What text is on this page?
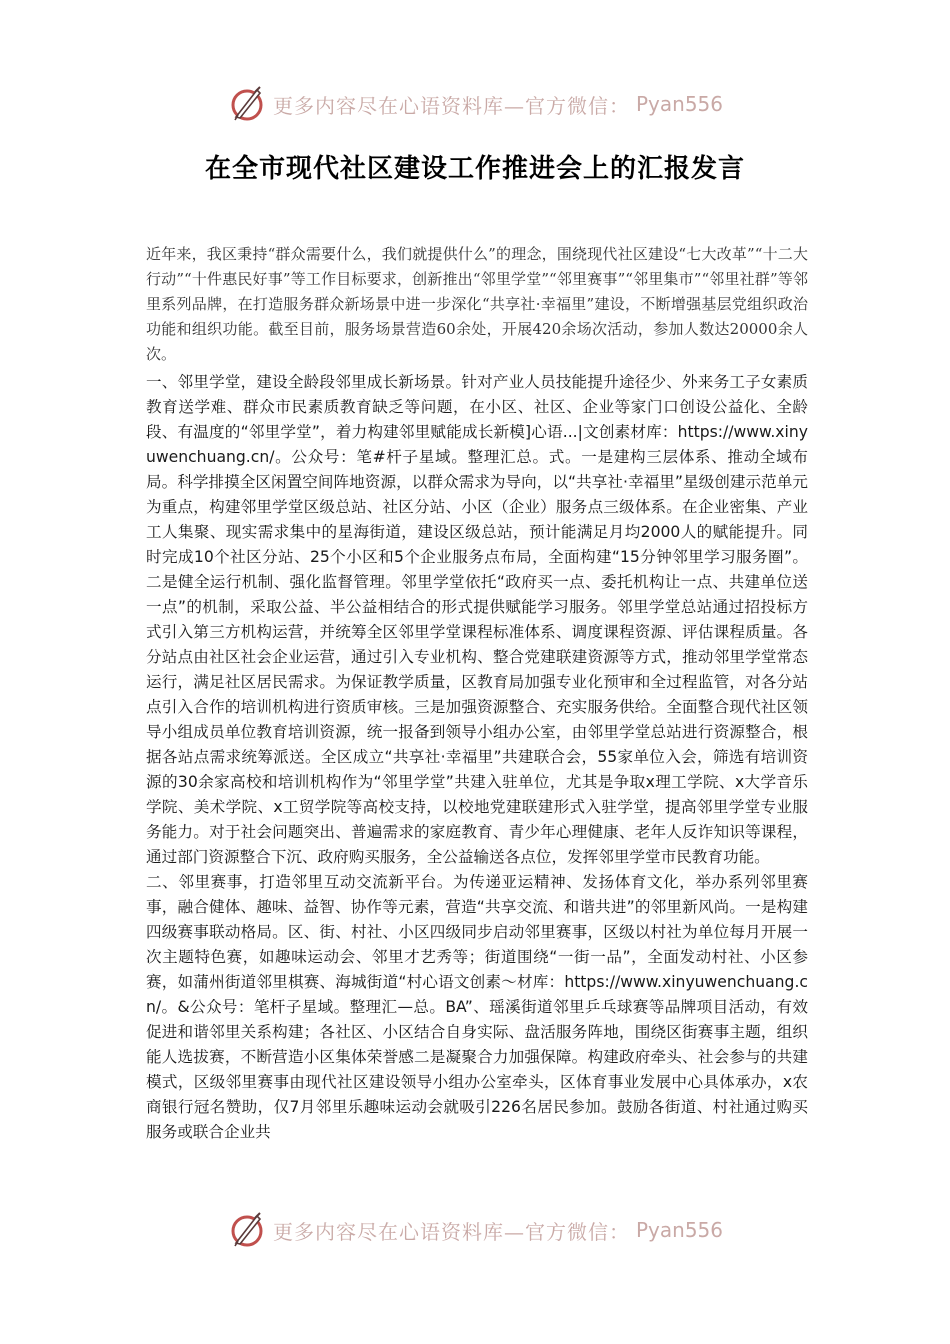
更多内容尽在心语资料库—官方微信： Pyan556
在全市现代社区建设工作推进会上的汇报发言

近年来，我区秉持“群众需要什么，我们就提供什么”的理念，围绕现代社区建设“七大改革”“十二大行动”“十件惠民好事”等工作目标要求，创新推出“邻里学堂”“邻里赛事”“邻里集市”“邻里社群”等邻里系列品牌，在打造服务群众新场景中进一步深化“共享社·幸福里”建设，不断增强基层党组织政治功能和组织功能。截至目前，服务场景营造60余处，开展420余场次活动，参加人数达20000余人次。

一、邻里学堂，建设全龄段邻里成长新场景。针对产业人员技能提升途径少、外来务工子女素质教育送学难、群众市民素质教育缺乏等问题，在小区、社区、企业等家门口创设公益化、全龄段、有温度的“邻里学堂”，着力构建邻里赋能成长新模]心语...|文创素材库：https://www.xinyuwenchuang.cn/。公众号：笔#杆子星域。整理汇总。式。一是建构三层体系、推动全域布局。科学排摸全区闲置空间阵地资源，以群众需求为导向，以“共享社·幸福里”星级创建示范单元为重点，构建邻里学堂区级总站、社区分站、小区（企业）服务点三级体系。在企业密集、产业工人集聚、现实需求集中的星海街道，建设区级总站，预计能满足月均2000人的赋能提升。同时完成10个社区分站、25个小区和5个企业服务点布局，全面构建“15分钟邻里学习服务圈”。二是健全运行机制、强化监督管理。邻里学堂依托“政府买一点、委托机构让一点、共建单位送一点”的机制，采取公益、半公益相结合的形式提供赋能学习服务。邻里学堂总站通过招投标方式引入第三方机构运营，并统筹全区邻里学堂课程标准体系、调度课程资源、评估课程质量。各分站点由社区社会企业运营，通过引入专业机构、整合党建联建资源等方式，推动邻里学堂常态运行，满足社区居民需求。为保证教学质量，区教育局加强专业化预审和全过程监管，对各分站点引入合作的培训机构进行资质审核。三是加强资源整合、充实服务供给。全面整合现代社区领导小组成员单位教育培训资源，统一报备到领导小组办公室，由邻里学堂总站进行资源整合，根据各站点需求统筹派送。全区成立“共享社·幸福里”共建联合会，55家单位入会，筛选有培训资源的30余家高校和培训机构作为“邻里学堂”共建入驻单位，尤其是争取x理工学院、x大学音乐学院、美术学院、x工贸学院等高校支持，以校地党建联建形式入驻学堂，提高邻里学堂专业服务能力。对于社会问题突出、普遍需求的家庭教育、青少年心理健康、老年人反诈知识等课程，通过部门资源整合下沉、政府购买服务，全公益输送各点位，发挥邻里学堂市民教育功能。

二、邻里赛事，打造邻里互动交流新平台。为传递亚运精神、发扬体育文化，举办系列邻里赛事，融合健体、趣味、益智、协作等元素，营造“共享交流、和谐共进”的邻里新风尚。一是构建四级赛事联动格局。区、街、村社、小区四级同步启动邻里赛事，区级以村社为单位每月开展一次主题特色赛，如趣味运动会、邻里才艺秀等；街道围绕“一街一品”，全面发动村社、小区参赛，如蒲州街道邻里棋赛、海城街道“村心语文创素～材库：https://www.xinyuwenchuang.cn/。&公众号：笔杆子星域。整理汇—总。BA”、瑶溪街道邻里乒乓球赛等品牌项目活动，有效促进和谐邻里关系构建；各社区、小区结合自身实际、盘活服务阵地，围绕区街赛事主题，组织能人选拔赛，不断营造小区集体荣誉感二是凝聚合力加强保障。构建政府牵头、社会参与的共建模式，区级邻里赛事由现代社区建设领导小组办公室牵头，区体育事业发展中心具体承办，x农商银行冠名赞助，仅7月邻里乐趣味运动会就吸引226名居民参加。鼓励各街道、村社通过购买服务或联合企业共

更多内容尽在心语资料库—官方微信： Pyan556
